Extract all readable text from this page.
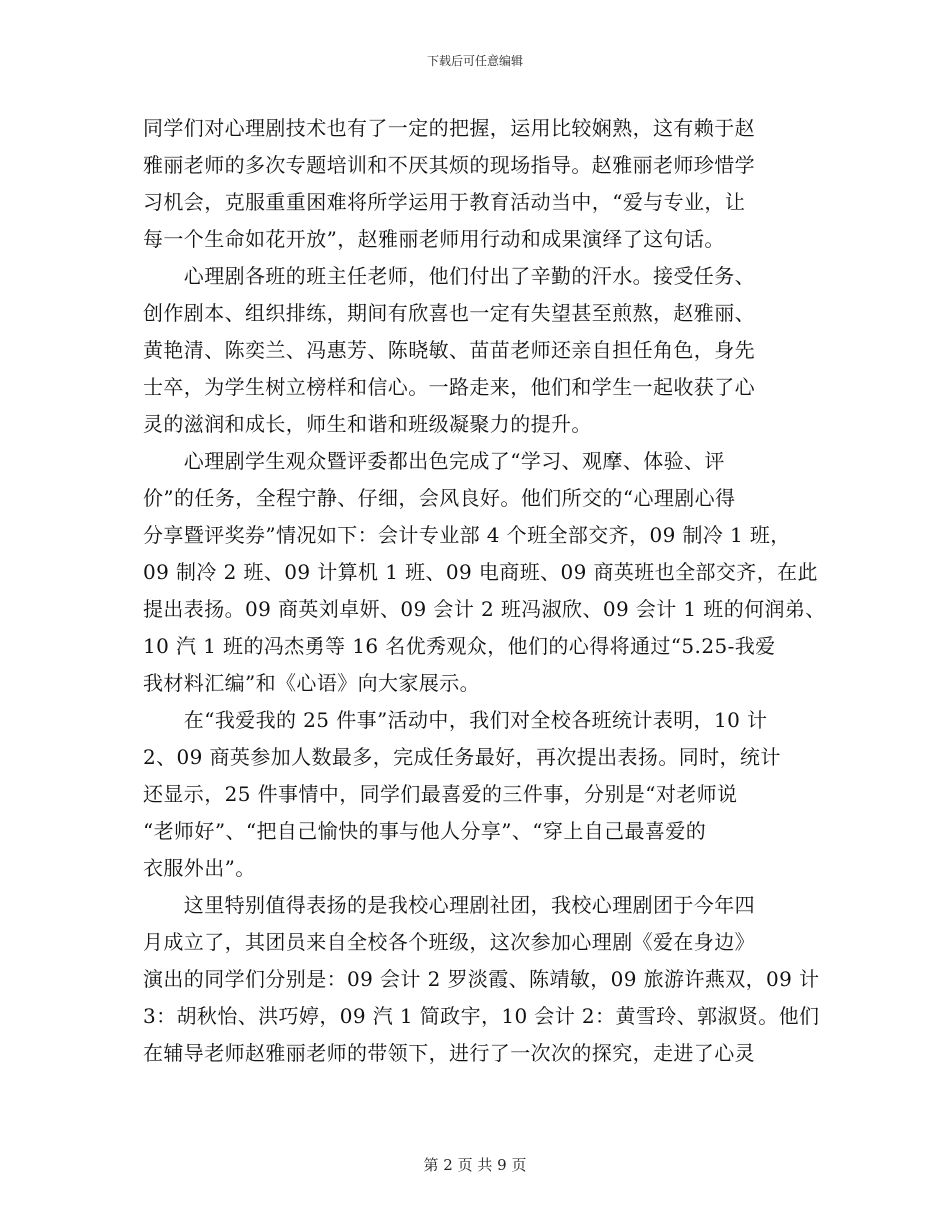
下载后可任意编辑
同学们对心理剧技术也有了一定的把握，运用比较娴熟，这有赖于赵
雅丽老师的多次专题培训和不厌其烦的现场指导。赵雅丽老师珍惜学
习机会，克服重重困难将所学运用于教育活动当中，“爱与专业，让
每一个生命如花开放”，赵雅丽老师用行动和成果演绎了这句话。
　　心理剧各班的班主任老师，他们付出了辛勤的汗水。接受任务、
创作剧本、组织排练，期间有欣喜也一定有失望甚至煎熬，赵雅丽、
黄艳清、陈奕兰、冯惠芳、陈晓敏、苗苗老师还亲自担任角色，身先
士卒，为学生树立榜样和信心。一路走来，他们和学生一起收获了心
灵的滋润和成长，师生和谐和班级凝聚力的提升。
　　心理剧学生观众暨评委都出色完成了“学习、观摩、体验、评
价”的任务，全程宁静、仔细，会风良好。他们所交的“心理剧心得
分享暨评奖券”情况如下：会计专业部 4 个班全部交齐，09 制冷 1 班，
09 制冷 2 班、09 计算机 1 班、09 电商班、09 商英班也全部交齐，在此
提出表扬。09 商英刘卓妍、09 会计 2 班冯淑欣、09 会计 1 班的何润弟、
10 汽 1 班的冯杰勇等 16 名优秀观众，他们的心得将通过“5.25-我爱
我材料汇编”和《心语》向大家展示。
　　在“我爱我的 25 件事”活动中，我们对全校各班统计表明，10 计
2、09 商英参加人数最多，完成任务最好，再次提出表扬。同时，统计
还显示，25 件事情中，同学们最喜爱的三件事，分别是“对老师说
“老师好”、“把自己愉快的事与他人分享”、“穿上自己最喜爱的
衣服外出”。
　　这里特别值得表扬的是我校心理剧社团，我校心理剧团于今年四
月成立了，其团员来自全校各个班级，这次参加心理剧《爱在身边》
演出的同学们分别是：09 会计 2 罗淡霞、陈靖敏，09 旅游许燕双，09 计
3：胡秋怡、洪巧婷，09 汽 1 简政宇，10 会计 2：黄雪玲、郭淑贤。他们
在辅导老师赵雅丽老师的带领下，进行了一次次的探究，走进了心灵
第 2 页 共 9 页
